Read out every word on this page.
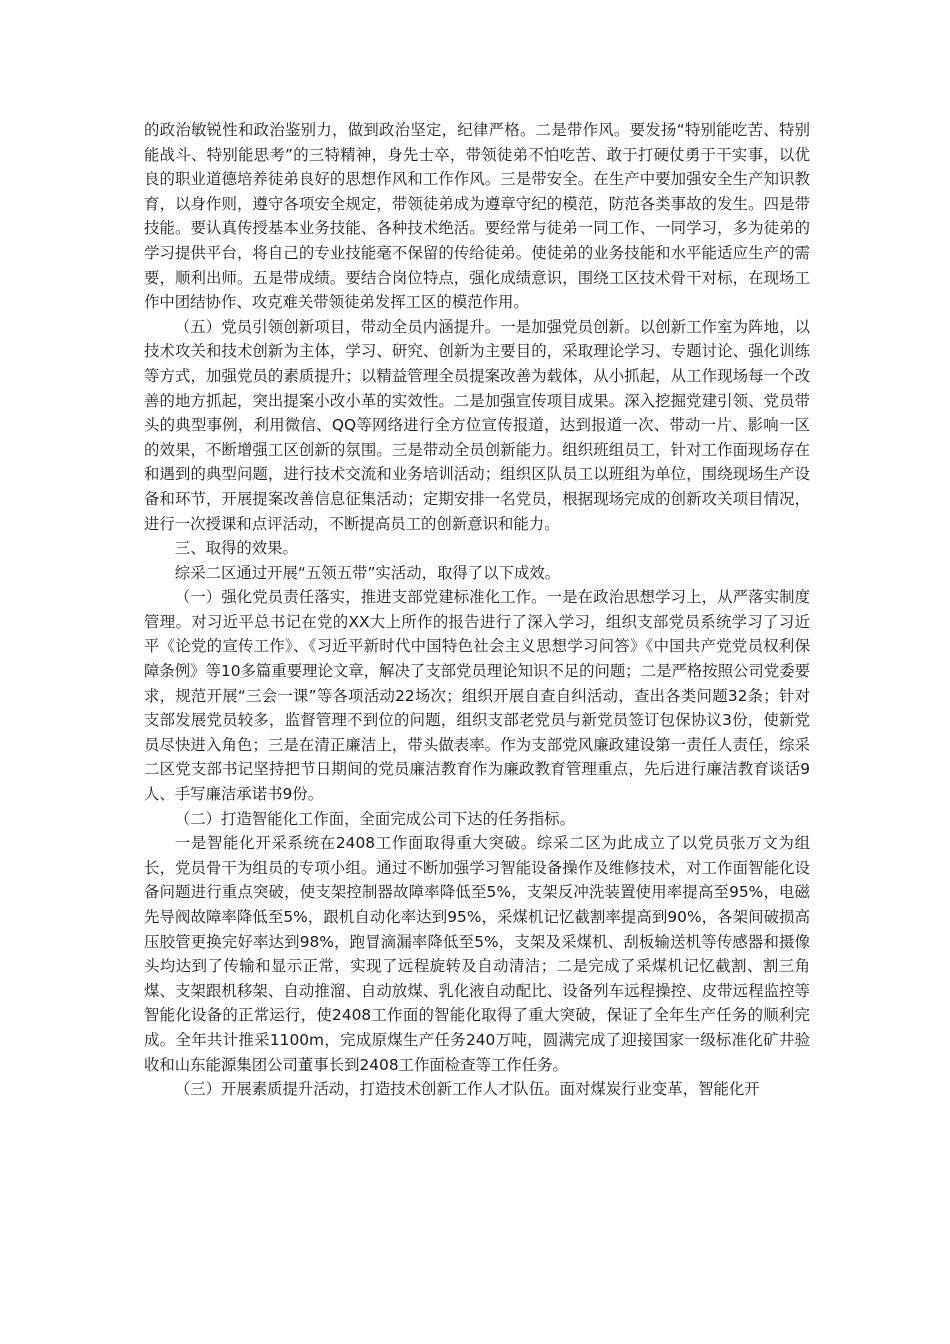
的政治敏锐性和政治鉴别力，做到政治坚定，纪律严格。二是带作风。要发扬“特别能吃苦、特别能战斗、特别能思考”的三特精神，身先士卒，带领徒弟不怕吃苦、敢于打硬仗勇于干实事，以优良的职业道德培养徒弟良好的思想作风和工作作风。三是带安全。在生产中要加强安全生产知识教育，以身作则，遵守各项安全规定，带领徒弟成为遵章守纪的模范，防范各类事故的发生。四是带技能。要认真传授基本业务技能、各种技术绝活。要经常与徒弟一同工作、一同学习，多为徒弟的学习提供平台，将自己的专业技能毫不保留的传给徒弟。使徒弟的业务技能和水平能适应生产的需要，顺利出师。五是带成绩。要结合岗位特点，强化成绩意识，围绕工区技术骨干对标，在现场工作中团结协作、攻克难关带领徒弟发挥工区的模范作用。

（五）党员引领创新项目，带动全员内涵提升。一是加强党员创新。以创新工作室为阵地，以技术攻关和技术创新为主体，学习、研究、创新为主要目的，采取理论学习、专题讨论、强化训练等方式，加强党员的素质提升；以精益管理全员提案改善为载体，从小抓起，从工作现场每一个改善的地方抓起，突出提案小改小革的实效性。二是加强宣传项目成果。深入挖掘党建引领、党员带头的典型事例，利用微信、QQ等网络进行全方位宣传报道，达到报道一次、带动一片、影响一区的效果，不断增强工区创新的氛围。三是带动全员创新能力。组织班组员工，针对工作面现场存在和遇到的典型问题，进行技术交流和业务培训活动；组织区队员工以班组为单位，围绕现场生产设备和环节，开展提案改善信息征集活动；定期安排一名党员，根据现场完成的创新攻关项目情况，进行一次授课和点评活动，不断提高员工的创新意识和能力。

三、取得的效果。

综采二区通过开展“五领五带”实活动，取得了以下成效。

（一）强化党员责任落实，推进支部党建标准化工作。一是在政治思想学习上，从严落实制度管理。对习近平总书记在党的XX大上所作的报告进行了深入学习，组织支部党员系统学习了习近平《论党的宣传工作》、《习近平新时代中国特色社会主义思想学习问答》《中国共产党党员权利保障条例》等10多篇重要理论文章，解决了支部党员理论知识不足的问题；二是严格按照公司党委要求，规范开展“三会一课”等各项活动22场次；组织开展自查自纠活动，查出各类问题32条；针对支部发展党员较多，监督管理不到位的问题，组织支部老党员与新党员签订包保协议3份，使新党员尽快进入角色；三是在清正廉洁上，带头做表率。作为支部党风廉政建设第一责任人责任，综采二区党支部书记坚持把节日期间的党员廉洁教育作为廉政教育管理重点，先后进行廉洁教育谈话9人、手写廉洁承诺书9份。

（二）打造智能化工作面，全面完成公司下达的任务指标。

一是智能化开采系统在2408工作面取得重大突破。综采二区为此成立了以党员张万文为组长，党员骨干为组员的专项小组。通过不断加强学习智能设备操作及维修技术，对工作面智能化设备问题进行重点突破，使支架控制器故障率降低至5%，支架反冲洗装置使用率提高至95%，电磁先导阀故障率降低至5%，跟机自动化率达到95%，采煤机记忆截割率提高到90%，各架间破损高压胶管更换完好率达到98%，跑冒滴漏率降低至5%，支架及采煤机、刮板输送机等传感器和摄像头均达到了传输和显示正常，实现了远程旋转及自动清洁；二是完成了采煤机记忆截割、割三角煤、支架跟机移架、自动推溜、自动放煤、乳化液自动配比、设备列车远程操控、皮带远程监控等智能化设备的正常运行，使2408工作面的智能化取得了重大突破，保证了全年生产任务的顺利完成。全年共计推采1100m，完成原煤生产任务240万吨，圆满完成了迎接国家一级标准化矿井验收和山东能源集团公司董事长到2408工作面检查等工作任务。

（三）开展素质提升活动，打造技术创新工作人才队伍。面对煤炭行业变革，智能化开
